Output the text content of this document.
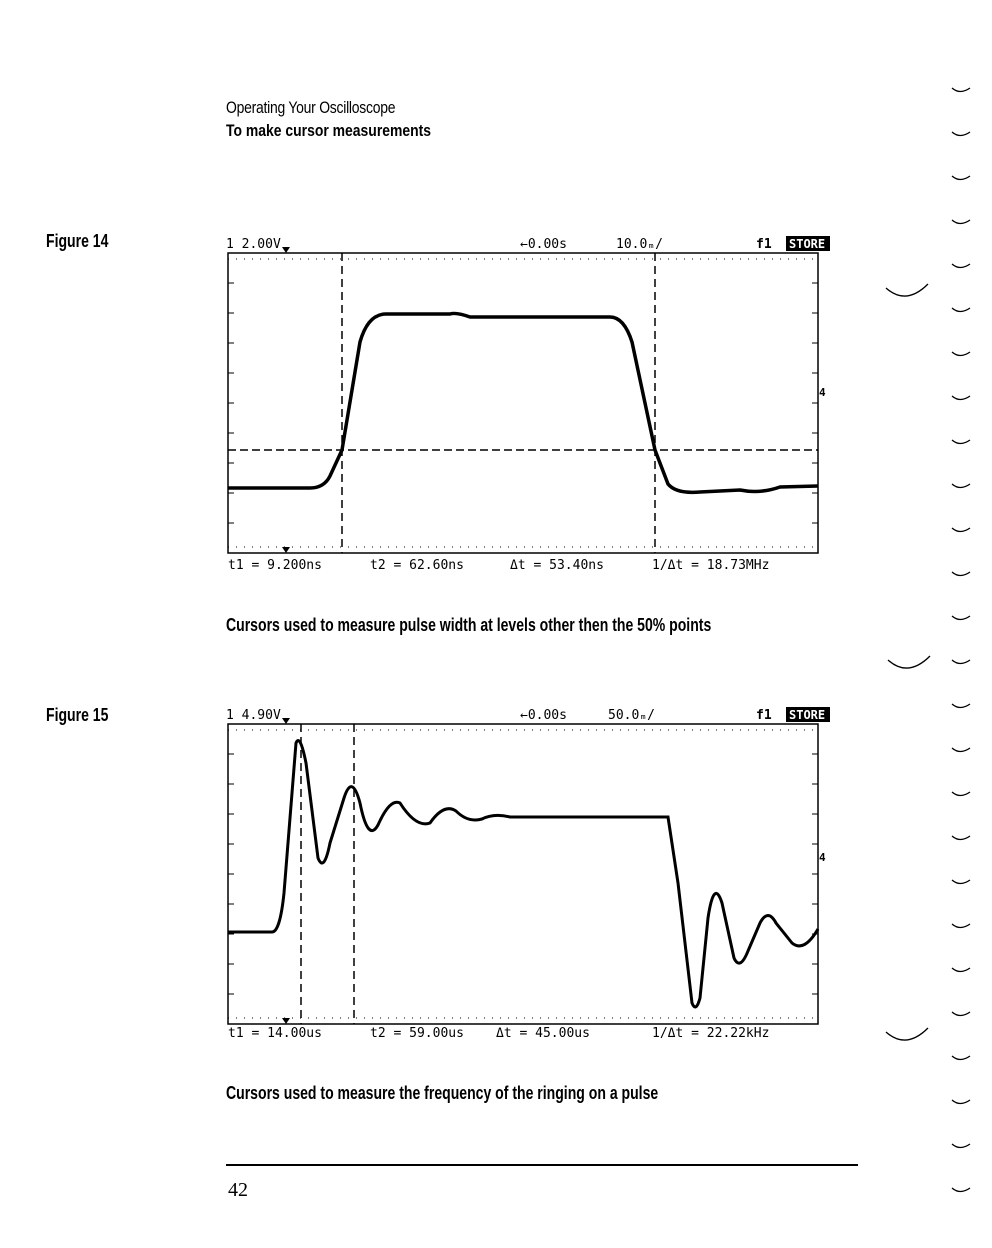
Operating Your Oscilloscope
To make cursor measurements
Figure 14	1 2.00V	←0.00s	10.0ₘ/	f1 STORE
4
t1 = 9.200ns	t2 = 62.60ns	Δt = 53.40ns	1/Δt = 18.73MHz
Cursors used to measure pulse width at levels other then the 50% points
Figure 15	1 4.90V	←0.00s	50.0ₘ/	f1 STORE
4
t1 = 14.00us	t2 = 59.00us Δt = 45.00us	1/Δt = 22.22kHz
Cursors used to measure the frequency of the ringing on a pulse
42
